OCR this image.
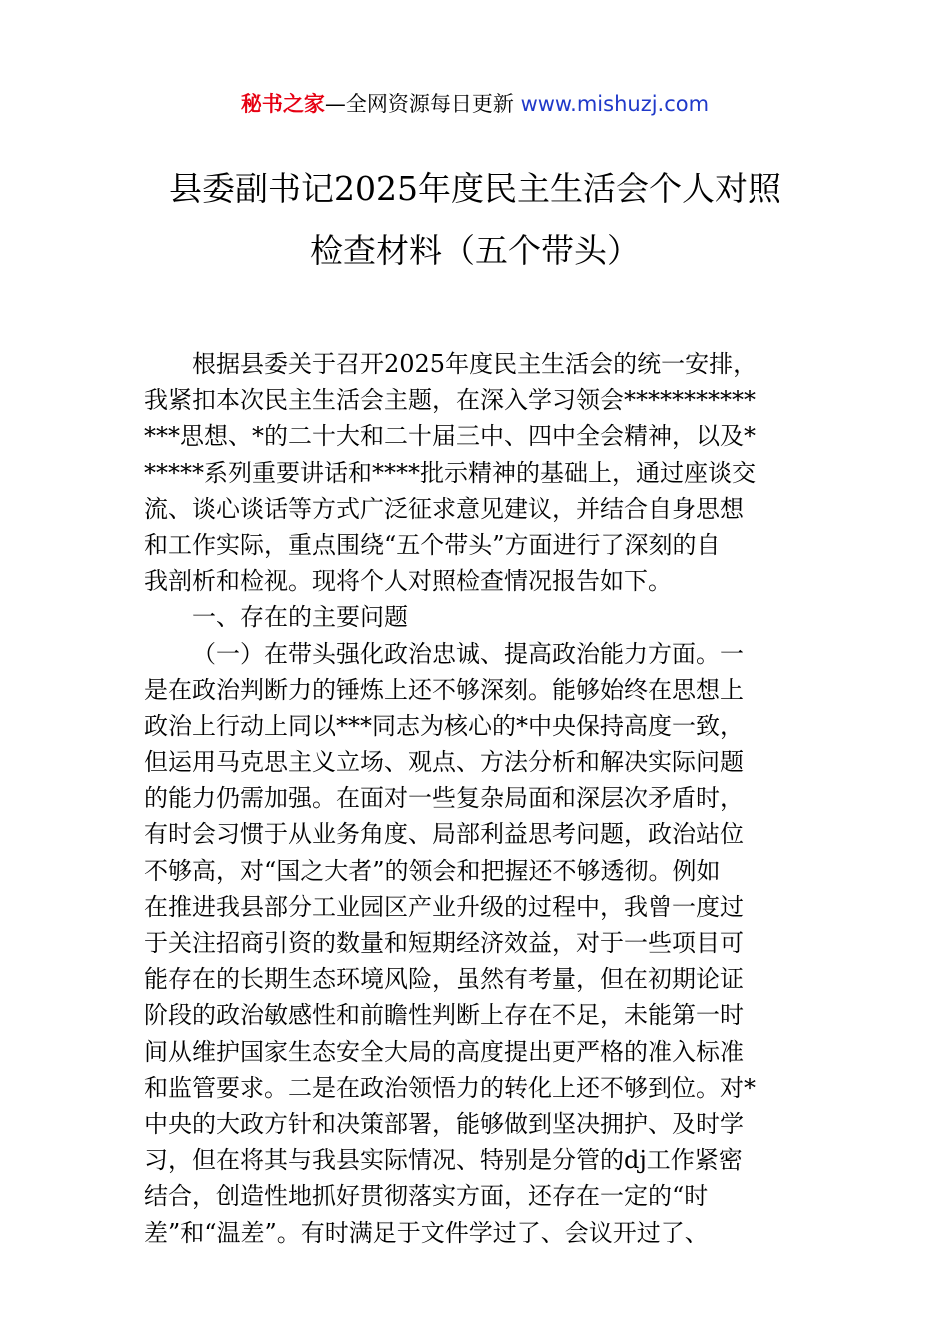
秘书之家—全网资源每日更新 www.mishuzj.com
县委副书记2025年度民主生活会个人对照
检查材料（五个带头）
根据县委关于召开2025年度民主生活会的统一安排，
我紧扣本次民主生活会主题，在深入学习领会***********
***思想、*的二十大和二十届三中、四中全会精神，以及*
*****系列重要讲话和****批示精神的基础上，通过座谈交
流、谈心谈话等方式广泛征求意见建议，并结合自身思想
和工作实际，重点围绕“五个带头”方面进行了深刻的自
我剖析和检视。现将个人对照检查情况报告如下。
一、存在的主要问题
（一）在带头强化政治忠诚、提高政治能力方面。一
是在政治判断力的锤炼上还不够深刻。能够始终在思想上
政治上行动上同以***同志为核心的*中央保持高度一致，
但运用马克思主义立场、观点、方法分析和解决实际问题
的能力仍需加强。在面对一些复杂局面和深层次矛盾时，
有时会习惯于从业务角度、局部利益思考问题，政治站位
不够高，对“国之大者”的领会和把握还不够透彻。例如
在推进我县部分工业园区产业升级的过程中，我曾一度过
于关注招商引资的数量和短期经济效益，对于一些项目可
能存在的长期生态环境风险，虽然有考量，但在初期论证
阶段的政治敏感性和前瞻性判断上存在不足，未能第一时
间从维护国家生态安全大局的高度提出更严格的准入标准
和监管要求。二是在政治领悟力的转化上还不够到位。对*
中央的大政方针和决策部署，能够做到坚决拥护、及时学
习，但在将其与我县实际情况、特别是分管的dj工作紧密
结合，创造性地抓好贯彻落实方面，还存在一定的“时
差”和“温差”。有时满足于文件学过了、会议开过了、
